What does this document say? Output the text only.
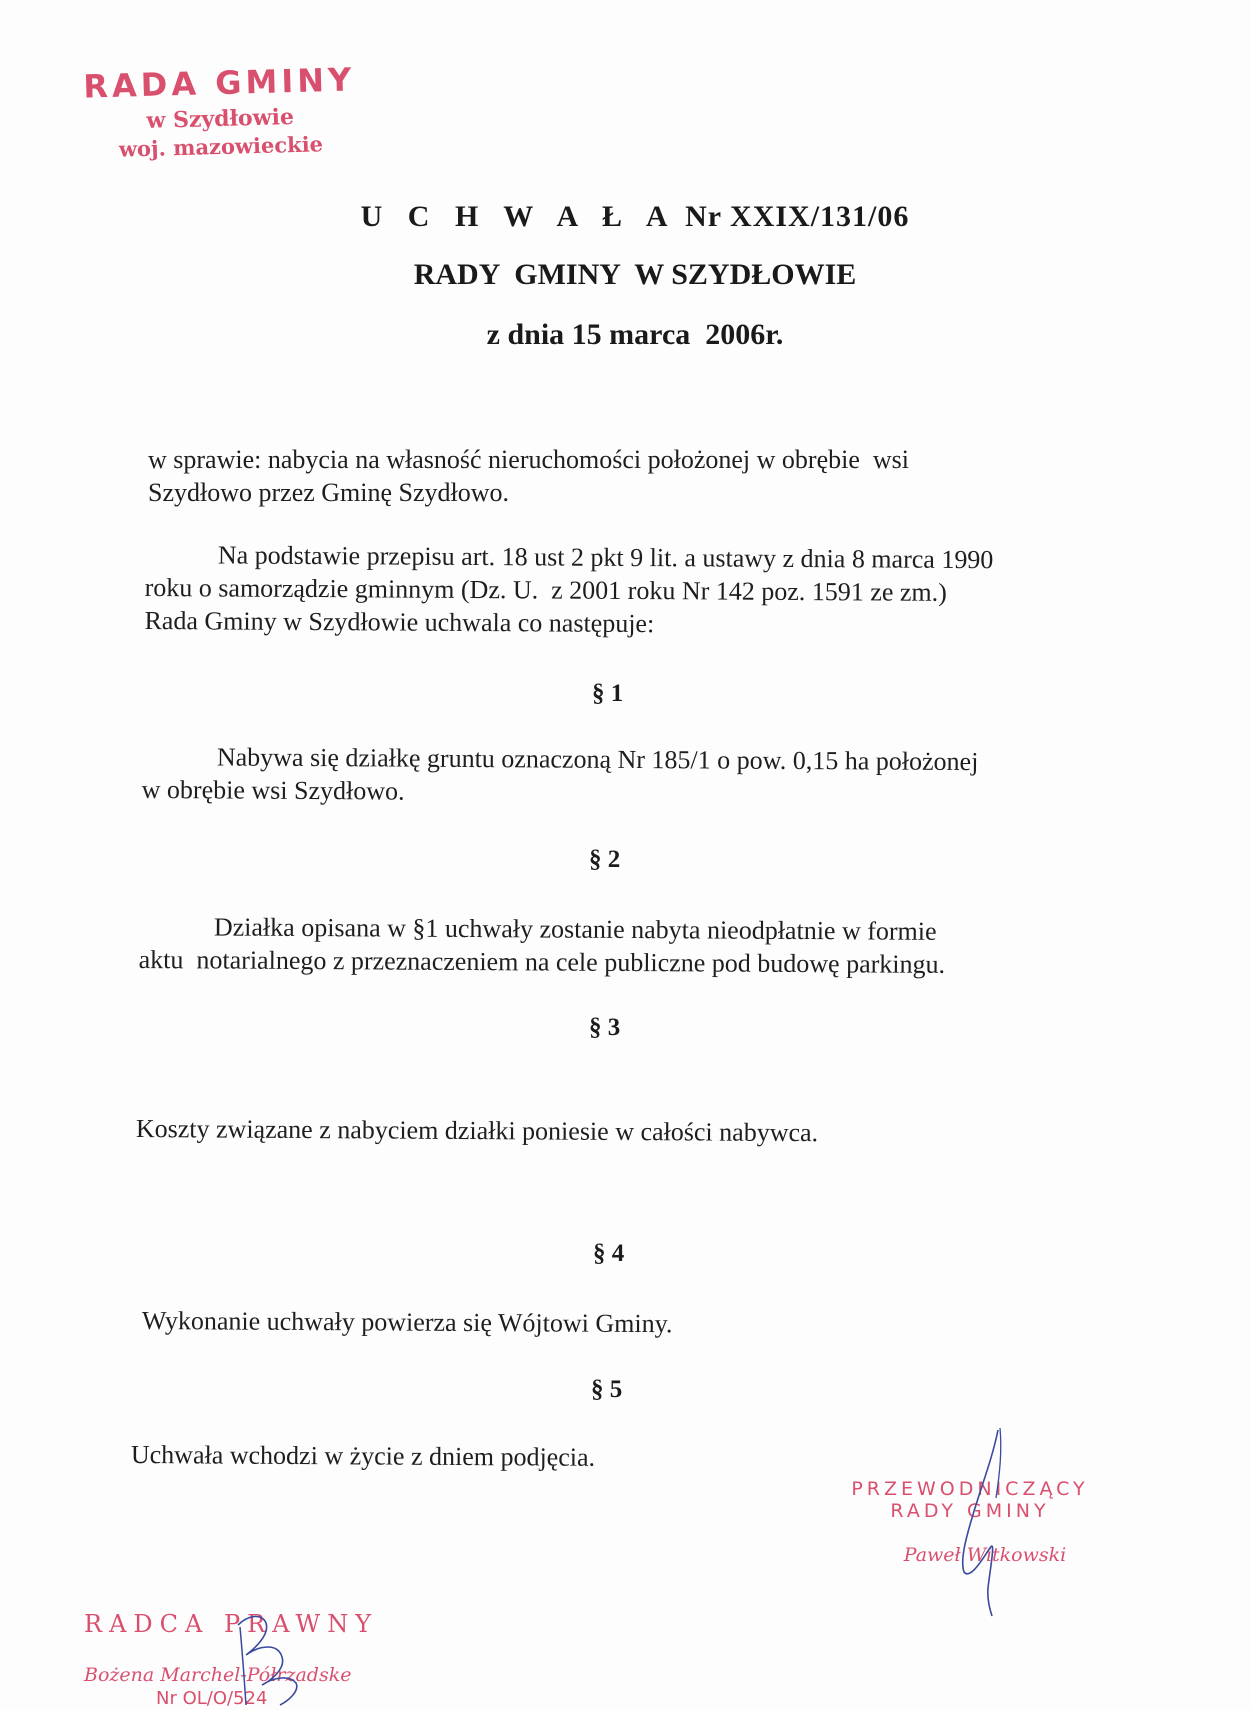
RADA GMINY
w Szydłowie
woj. mazowieckie
U C H W A Ł A Nr XXIX/131/06
RADY  GMINY  W SZYDŁOWIE
z dnia 15 marca  2006r.
w sprawie: nabycia na własność nieruchomości położonej w obrębie  wsi
Szydłowo przez Gminę Szydłowo.
Na podstawie przepisu art. 18 ust 2 pkt 9 lit. a ustawy z dnia 8 marca 1990
roku o samorządzie gminnym (Dz. U.  z 2001 roku Nr 142 poz. 1591 ze zm.)
Rada Gminy w Szydłowie uchwala co następuje:
§ 1
Nabywa się działkę gruntu oznaczoną Nr 185/1 o pow. 0,15 ha położonej
w obrębie wsi Szydłowo.
§ 2
Działka opisana w §1 uchwały zostanie nabyta nieodpłatnie w formie
aktu  notarialnego z przeznaczeniem na cele publiczne pod budowę parkingu.
§ 3
Koszty związane z nabyciem działki poniesie w całości nabywca.
§ 4
Wykonanie uchwały powierza się Wójtowi Gminy.
§ 5
Uchwała wchodzi w życie z dniem podjęcia.
PRZEWODNICZĄCY
RADY GMINY
Paweł Witkowski
RADCA PRAWNY
Bożena Marchel-Półrzadske
Nr OL/O/524
